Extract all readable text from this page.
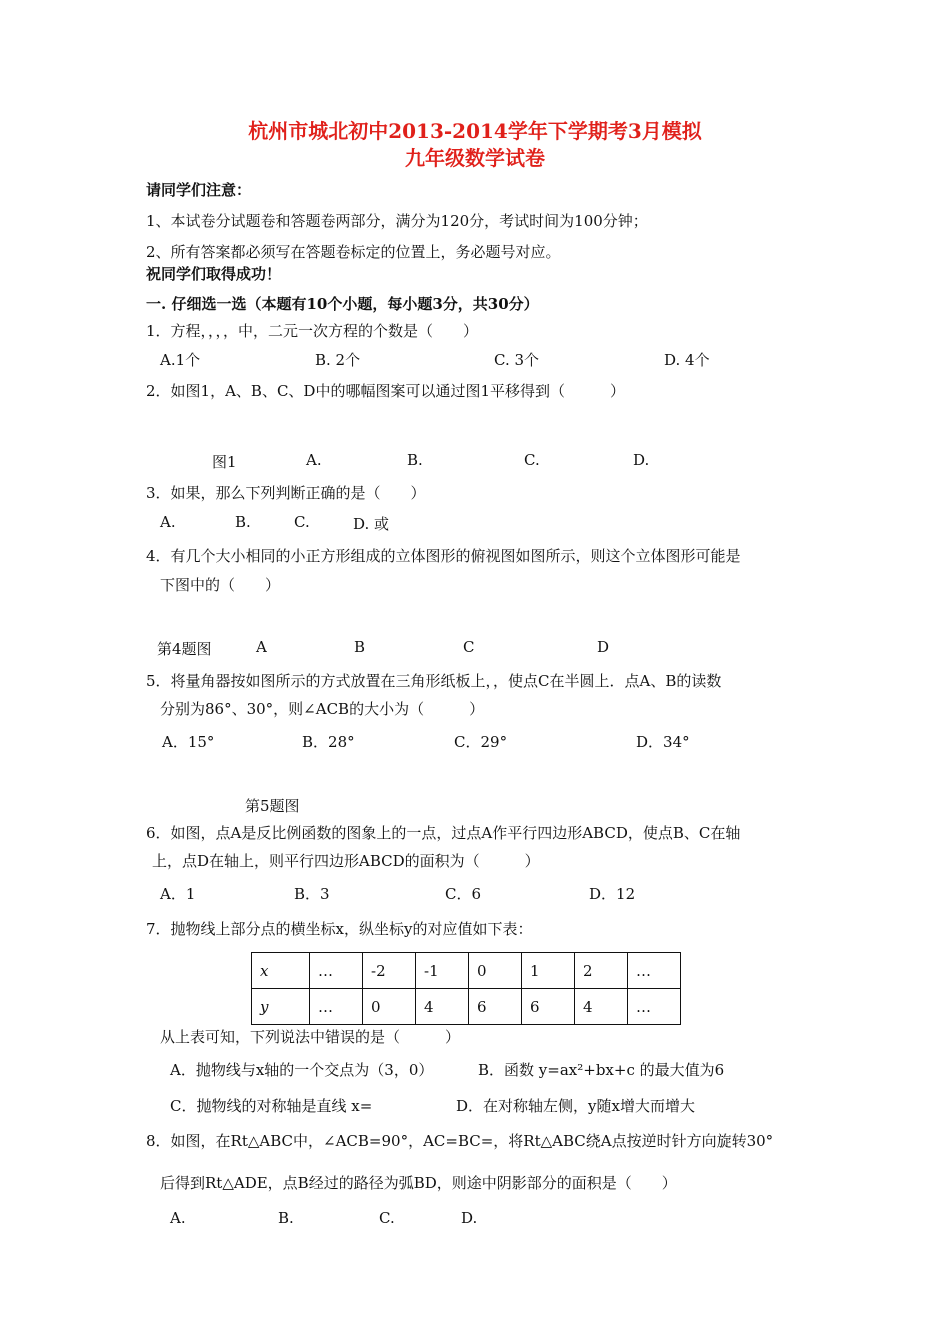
杭州市城北初中2013-2014学年下学期考3月模拟
九年级数学试卷
请同学们注意：
1、本试卷分试题卷和答题卷两部分，满分为120分，考试时间为100分钟；
2、所有答案都必须写在答题卷标定的位置上，务必题号对应。
祝同学们取得成功！
一. 仔细选一选（本题有10个小题，每小题3分，共30分）
1．方程，，，，中，二元一次方程的个数是（　　）
A.1个	B. 2个	C. 3个	D. 4个
2．如图1，A、B、C、D中的哪幅图案可以通过图1平移得到（　　　）
图1	A.	B.	C.	D.
3．如果，那么下列判断正确的是（　　）
A.	B.	C.	D. 或
4．有几个大小相同的小正方形组成的立体图形的俯视图如图所示，则这个立体图形可能是
下图中的（　　）
第4题图	A	B	C	D
5．将量角器按如图所示的方式放置在三角形纸板上，，使点C在半圆上．点A、B的读数
分别为86°、30°，则∠ACB的大小为（　　　）
A．15°	B．28°	C．29°	D．34°
第5题图
6．如图，点A是反比例函数的图象上的一点，过点A作平行四边形ABCD，使点B、C在轴
上，点D在轴上，则平行四边形ABCD的面积为（　　　）
A．1	B．3	C．6	D．12
7．抛物线上部分点的横坐标x，纵坐标y的对应值如下表：
x	…	-2	-1	0	1	2	…
y	…	0	4	6	6	4	…
从上表可知，下列说法中错误的是（　　　）
A．抛物线与x轴的一个交点为（3，0）	B．函数 y=ax²+bx+c 的最大值为6
C．抛物线的对称轴是直线 x=	D．在对称轴左侧，y随x增大而增大
8．如图，在Rt△ABC中，∠ACB=90°，AC=BC=，将Rt△ABC绕A点按逆时针方向旋转30°
后得到Rt△ADE，点B经过的路径为弧BD，则途中阴影部分的面积是（　　）
A.	B.	C.	D.
